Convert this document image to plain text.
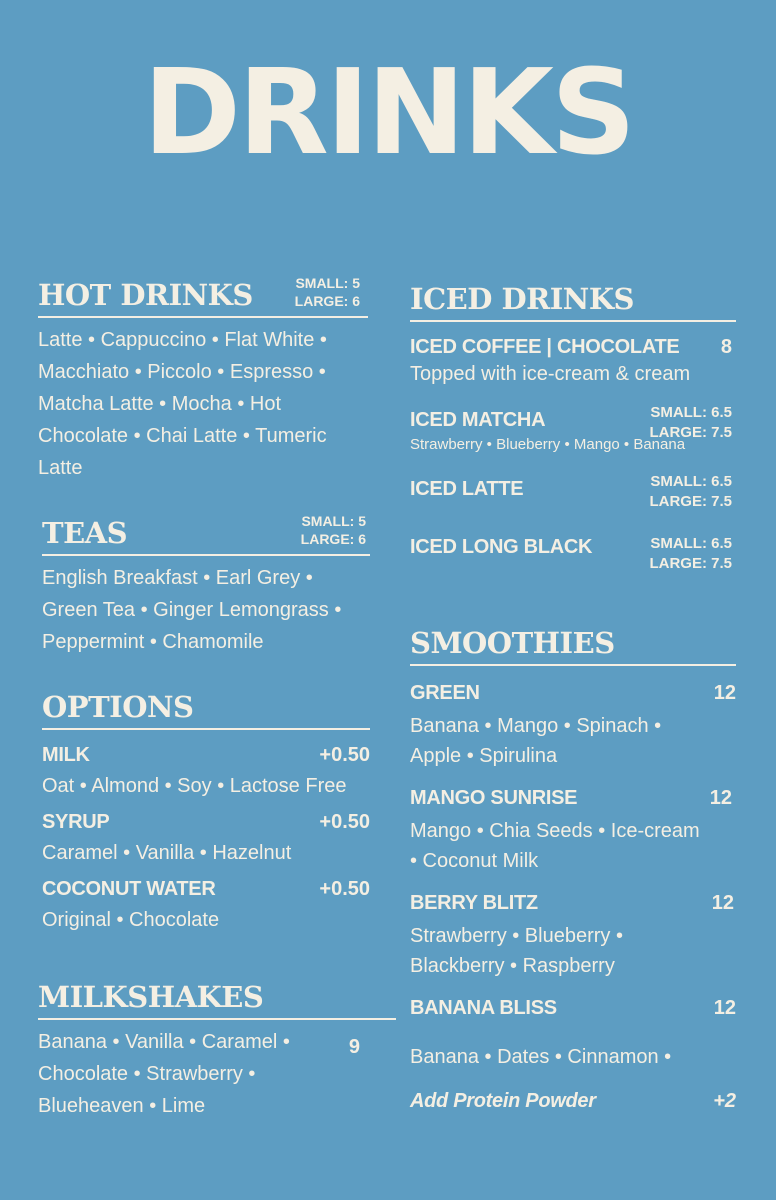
DRINKS
HOT DRINKS	SMALL: 5
LARGE: 6
Latte • Cappuccino • Flat White • Macchiato • Piccolo • Espresso • Matcha Latte • Mocha • Hot Chocolate • Chai Latte • Tumeric Latte
TEAS	SMALL: 5
LARGE: 6
English Breakfast • Earl Grey • Green Tea • Ginger Lemongrass • Peppermint • Chamomile
OPTIONS
MILK	+0.50
Oat • Almond • Soy • Lactose Free
SYRUP	+0.50
Caramel • Vanilla • Hazelnut
COCONUT WATER	+0.50
Original • Chocolate
MILKSHAKES
Banana • Vanilla • Caramel • Chocolate • Strawberry • Blueheaven • Lime
9
ICED DRINKS
ICED COFFEE | CHOCOLATE	8
Topped with ice-cream & cream
ICED MATCHA	SMALL: 6.5
LARGE: 7.5
Strawberry • Blueberry • Mango • Banana
ICED LATTE	SMALL: 6.5
LARGE: 7.5
ICED LONG BLACK	SMALL: 6.5
LARGE: 7.5
SMOOTHIES
GREEN	12
Banana • Mango • Spinach • Apple • Spirulina
MANGO SUNRISE	12
Mango • Chia Seeds • Ice-cream • Coconut Milk
BERRY BLITZ	12
Strawberry • Blueberry • Blackberry • Raspberry
BANANA BLISS	12
Banana • Dates • Cinnamon •
Add Protein Powder	+2
